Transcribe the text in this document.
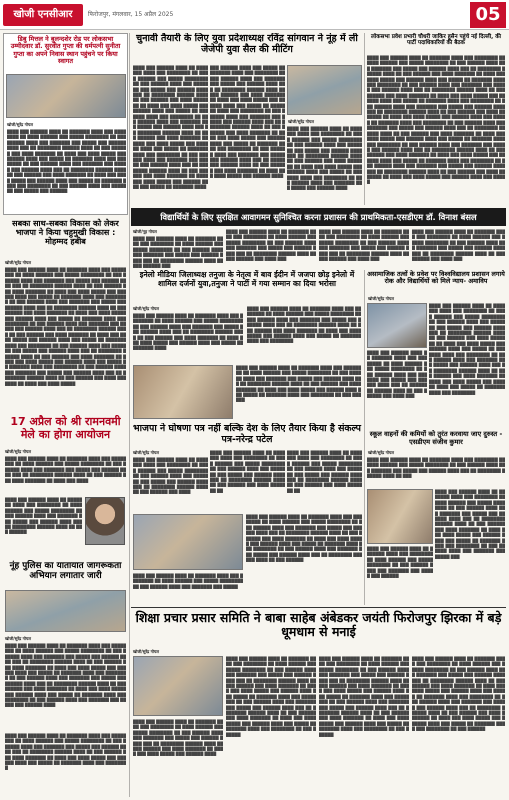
खोजी एनसीआर	फिरोजपुर, मंगलवार, 15 अप्रैल 2025	05
डिबु मित्तल ने बुलन्दशेर रोड पर लोकसभा उम्मीदवार डॉ. सुरवीत गुप्ता की धर्मपत्नी सुनीता गुप्ता का अपने निवास स्थान पहुंचने पर किया स्वागत
खोजी/सुरेंद्र गोयल
████ ███ ██████ ████ ██ ███████ ████ ███ ████████ ██ ████ ██████ ███ █████ ████████ ██ ███ ██████ ████ ███ ███████ ███ █████ ███ ██████ ████ ███ ██ ████████ ██████ ████ ██ ███ ██████ ███ ████ ███████ ██ ████ ███ ████ █████ ███ ██████ ████ ███ █████ ██ ███████ ████ ███ ████████ ██ ███ ██████ ████ ███ ███████ ███ █████ ███ ██████ ████ ███ ██ ████████ ██████ ████ ██ ███ ██████ ███ ████ ███████ ██ ████ ███ ████ █████ ███ ██████ ████ ███ █████ ██ ███████ ████ ███ ████████ ██ ███ ██████ ████ ███ ███████ ███ █████ ███ ██████
चुनावी तैयारी के लिए युवा प्रदेशाध्यक्ष रविंद्र सांगवान ने नूंह में ली जेजेपी युवा सैल की मीटिंग
████ ███ ██████ ████ ██ ███████ ████ ███ ████████ ██ ████ ██████ ███ █████ ████████ ██ ███ ██████ ████ ███ ███████ ███ █████ ███ ██████ ████ ███ ██ ████████ ██████ ████ ██ ███ ██████ ███ ████ ███████ ██ ████ ███ ████ █████ ███ ██████ ████ ███ █████ ██ ███████ ████ ███ ████████ ██ ███ ██████ ████ ███ ███████ ███ █████ ███ ██████ ████ ███ ██ ████████ ██████ ████ ██ ███ ██████ ███ ████ ███████ ██ ████ ███ ████ █████ ███ ██████ ████ ███ █████ ██ ███████ ████ ███ ████████ ██ ███ ██████ ████ ███ ███████ ███ █████ ███ ██████ ████ ███ ██ ████████ ██████ ████ ██ ███ ██████ ███ ████ ███████ ██ ████ ███ ████ █████ ███ ██████ ████ ███ █████ ██ ███████ ████
███ ██████ ████ ███ █████ ██ ███████ ████ ███ ████████ ██ ███ ██████ ████ ███ ███████ ███ █████ ███ ██████ ████ ███ ██ ████████ ██████ ████ ██ ███ ██████ ███ ████ ███████ ██ ████ ███ ████ █████ ███ ██████ ████ ███ █████ ██ ███████ ████ ███ ████████ ██ ███ ██████ ████ ███ ███████ ███ █████ ███ ██████ ████ ███ ██ ████████ ██████ ████ ██ ███ ██████ ███ ████ ███████ ██ ████ ███ ████ █████ ███ ██████ ████ ███ █████ ██ ███████ ████ ███ ████████ ██ ███ ██████ ████ ███ ███████ ███ █████ ███ ██████ ████ ███ ██ ████████ ██████ ████ ██ ███ ██████ ███ ████ ███████ ██ ████ ███ ████ █████ ███ ██████ ████
खोजी/सुरेंद्र गोयल
████ ███ ██████ ████ ██ ███████ ████ ███ ████████ ██ ████ ██████ ███ █████ ████████ ██ ███ ██████ ████ ███ ███████ ███ █████ ███ ██████ ████ ███ ██ ████████ ██████ ████ ██ ███ ██████ ███ ████ ███████ ██ ████ ███ ████ █████ ███ ██████ ████ ███ █████ ██ ███████ ████ ███ ████████ ██ ███ ██████ ████ ███ ███████ ███ █████ ███ ██████ ████
लोकसभा प्रवेश प्रभारी चौधरी जाकिर हुसैन पहुंचे नई दिल्ली, की पार्टी पदाधिकारियों की बैठक
████ ███ ██████ ████ ██ ███████ ████ ███ ████████ ██ ████ ██████ ███ █████ ████████ ██ ███ ██████ ████ ███ ███████ ███ █████ ███ ██████ ████ ███ ██ ████████ ██████ ████ ██ ███ ██████ ███ ████ ███████ ██ ████ ███ ████ █████ ███ ██████ ████ ███ █████ ██ ███████ ████ ███ ████████ ██ ███ ██████ ████ ███ ███████ ███ █████ ███ ██████ ████ ███ ██ ████████ ██████ ████ ██ ███ ██████ ███ ████ ███████ ██ ████ ███ ████ █████ ███ ██████ ████ ███ █████ ██ ███████ ████ ███ ████████ ██ ███ ██████ ████ ███ ███████ ███ █████ ███ ██████ ████ ███ ██ ████████ ██████ ████ ██ ███ ██████ ███ ████ ███████ ██ ████ ███ ████ █████ ███ ██████ ████ ███ █████ ██ ███████ ████ ███ ████████ ██ ███ ██████ ████ ███ ███████ ███ █████ ███ ██████ ████ ███ ██ ████████ ██████ ████ ██ ███ ██████ ███ ████ ███████ ██ ████ ███ ████ █████ ███ ██████ ████ ███ █████ ██ ███████ ████ ███ ████████ ██ ███ ██████ ████ ███ ███████ ███ █████ ███ ██████ ████ ███ ██ ████████ ██████ ████ ██ ███ ██████ ███ ████ ███████ ██ ████ ███ ████ █████ ███ ██████ ████ ███ █████ ██ ███████ ████ ███ ████████ ██ ███ ██████ ████ ███ ███████ ███ █████ ███ ██████ ████ ███ ██ ████████ ██████ ████ ██ ███ ██████ ███ ████ ███████ ██ ████ ███ ████ █████ ███ ██████ ████ ███ █████
विद्यार्थियों के लिए सुरक्षित आवागमन सुनिश्चित करना प्रशासन की प्राथमिकता-एसडीएम डॉ. विनाश बंसल
खोजी/नूह गोयल
████ ███ ██████ ████ ██ ███████ ████ ███ ████████ ██ ████ ██████ ███ █████ ████████ ██ ███ ██████ ████ ███ ███████ ███ █████ ███ ██████ ████ ███ ██ ████████ ██████ ████ ██ ███ ██████ ███
████ ███ ██████ ████ ██ ███████ ████ ███ ████████ ██ ████ ██████ ███ █████ ████████ ██ ███ ██████ ████ ███ ███████ ███ █████ ███ ██████ ████ ███ ██ ████████ ██████ ████ ██ ███ ██████ ███ ████ ███
████ ███ ██████ ████ ██ ███████ ████ ███ ████████ ██ ████ ██████ ███ █████ ████████ ██ ███ ██████ ████ ███ ███████ ███ █████ ███ ██████ ████ ███ ██ ████████ ██████ ████ ██ ███ ██████ ███ ████ ███
████ ███ ██████ ████ ██ ███████ ████ ███ ████████ ██ ████ ██████ ███ █████ ████████ ██ ███ ██████ ████ ███ ███████ ███ █████ ███ ██████ ████ ███ ██ ████████ ██████ ████ ██ ███ ██████ ███ ████ ███
सबका साथ-सबका विकास को लेकर भाजपा ने किया चहुमुखी विकास : मोहम्मद हबीब
खोजी/सुरेंद्र गोयल
████ ███ ██████ ████ ██ ███████ ████ ███ ████████ ██ ████ ██████ ███ █████ ████████ ██ ███ ██████ ████ ███ ███████ ███ █████ ███ ██████ ████ ███ ██ ████████ ██████ ████ ██ ███ ██████ ███ ████ ███████ ██ ████ ███ ████ █████ ███ ██████ ████ ███ █████ ██ ███████ ████ ███ ████████ ██ ███ ██████ ████ ███ ███████ ███ █████ ███ ██████ ████ ███ ██ ████████ ██████ ████ ██ ███ ██████ ███ ████ ███████ ██ ████ ███ ████ █████ ███ ██████ ████ ███ █████ ██ ███████ ████ ███ ████████ ██ ███ ██████ ████ ███ ███████ ███ █████ ███ ██████ ████ ███ ██ ████████ ██████ ████ ██ ███ ██████ ███ ████ ███████ ██ ████ ███ ████ █████ ███ ██████ ████ ███ █████ ██ ███████ ████ ███ ████████ ██ ███ ██████ ████ ███ ███████ ███ █████ ███ ██████ ████ ███ ██ ████████ ██████ ████ ██ ███ ██████ ███ ████ ███████ ██ ████ ███ ████ █████ ███ ██████ ████ ███ █████ ██ ███████ ████ ███ ████████ ██ ███ ██████ ████ ███ ███████ ███ █████ ███ ██████ ████ ███ ██ ████████ ██████ ████ ██ ███ ██████ ███ ████ ███████ ██ ████ ███ ████ █████
इनेलो मीडिया जिलाध्यक्ष तनुजा के नेतृत्व में बाव ईदीन में जजपा छोड़ इनेलो में शामिल दर्जनों युवा,तनुजा ने पार्टी में गया सम्मान का दिया भरोसा
खोजी/सुरेंद्र गोयल
████ ███ ██████ ████ ██ ███████ ████ ███ ████████ ██ ████ ██████ ███ █████ ████████ ██ ███ ██████ ████ ███ ███████ ███ █████ ███ ██████ ████ ███ ██ ████████ ██████ ████ ██ ███ ██████ ███ ████ ███████ ██ ████ ███ ████ █████ ███ ██████ ████ ███ █████ ██ ███████ ████
████ ███ ██████ ████ ██ ███████ ████ ███ ████████ ██ ████ ██████ ███ █████ ████████ ██ ███ ██████ ████ ███ ███████ ███ █████ ███ ██████ ████ ███ ██ ████████ ██████ ████ ██ ███ ██████ ███ ████ ███████ ██ ████ ███ ████ █████ ███ ██████ ████ ███ █████ ██ ███████ ████ ███ ████████
████ ███ ██████ ████ ██ ███████ ████ ███ ████████ ██ ████ ██████ ███ █████ ████████ ██ ███ ██████ ████ ███ ███████ ███ █████ ███ ██████ ████ ███ ██ ████████ ██████ ████ ██ ███ ██████ ███ ████ ███████ ██ ████ ███ ████ █████ ███ ██████ ████ ███ █████ ██ ███████ ████ ███ ████████ ██ ███ ██████
असामाजिक तत्वों के प्रवेश पर विश्वविद्यालय प्रशासन लगाये रोक और विद्यार्थियों को मिले न्याय- अमाविप
खोजी/सुरेंद्र गोयल
████ ███ ██████ ████ ██ ███████ ████ ███ ████████ ██ ████ ██████ ███ █████ ████████ ██ ███ ██████ ████ ███ ███████ ███ █████ ███ ██████ ████ ███ ██ ████████ ██████ ████ ██ ███ ██████ ███ ████ ███████ ██ ████ ███ ████ █████ ███ ██████ ████ ███ █████ ██ ███████ ████ ███ ████████ ██ ███ ██████ ████ ███ ███████ ███ █████ ███ ██████ ████ ███ ██ ████████ ██████ ████ ██ ███ ██████ ███ ████ ███████ ██ ████ ███ ████ █████ ███ ██████ ████ ███ █████ ██ ███████ ████ ███ ████████
████ ███ ██████ ████ ██ ███████ ████ ███ ████████ ██ ████ ██████ ███ █████ ████████ ██ ███ ██████ ████ ███ ███████ ███ █████ ███ ██████ ████ ███ ██ ████████ ██████ ████ ██ ███ ██████ ███ ████ ███
17 अप्रैल को श्री रामनवमी मेले का होगा आयोजन
खोजी/सुरेंद्र गोयल
████ ███ ██████ ████ ██ ███████ ████ ███ ████████ ██ ████ ██████ ███ █████ ████████ ██ ███ ██████ ████ ███ ███████ ███ █████ ███ ██████ ████ ███ ██ ████████ ██████ ████ ██ ███ ██████ ███ ████ ███████ ██ ████ ███ ████
████ ███ ██████ ████ ██ ███████ ████ ███ ████████ ██ ████ ██████ ███ █████ ████████ ██ ███ ██████ ████ ███ ███████ ███ █████ ███ ██████ ████ ███ ██ ████████ ██████ ████ ██ ███ ██████
भाजपा ने घोषणा पत्र नहीं बल्कि देश के लिए तैयार किया है संकल्प पत्र-नरेन्द्र पटेल
खोजी/सुरेंद्र गोयल
████ ███ ██████ ████ ██ ███████ ████ ███ ████████ ██ ████ ██████ ███ █████ ████████ ██ ███ ██████ ████ ███ ███████ ███ █████ ███ ██████ ████ ███ ██ ████████ ██████ ████ ██ ███ ██████ ███ ████
████ ███ ██████ ████ ██ ███████ ████ ███ ████████ ██ ████ ██████ ███ █████ ████████ ██ ███ ██████ ████ ███ ███████ ███ █████ ███ ██████ ████ ███ ██ ████████ ██████ ████ ██ ███ ██████ ███ ████ ███████ ██
████ ███ ██████ ████ ██ ███████ ████ ███ ████████ ██ ████ ██████ ███ █████ ████████ ██ ███ ██████ ████ ███ ███████ ███ █████ ███ ██████ ████ ███ ██ ████████ ██████ ████ ██ ███ ██████ ███ ████ ███████ ██
████ ███ ██████ ████ ██ ███████ ████ ███ ████████ ██ ████ ██████ ███ █████ ████████ ██ ███ ██████ ████ ███ ███████ ███ █████ ███ ██████ ████ ███ ██ ████████ ██████ ████ ██ ███ ██████ ███ ████ ███████ ██ ████ ███ ████ █████ ███ ██████ ████ ███ █████ ██ ███████ ████ ███ ████████ ██ ███ ██████ ████ ███ ███████ ███ █████ ███ ██████ ████ ███ ██ ████████ ██████ ████ ██ ███ ██████
████ ███ ██████ ████ ██ ███████ ████ ███ ████████ ██ ████ ██████ ███ █████ ████████ ██ ███ ██████ ████ ███ ███████ ███ █████
नूंह पुलिस का यातायात जागरूकता अभियान लगातार जारी
खोजी/सुरेंद्र गोयल
████ ███ ██████ ████ ██ ███████ ████ ███ ████████ ██ ████ ██████ ███ █████ ████████ ██ ███ ██████ ████ ███ ███████ ███ █████ ███ ██████ ████ ███ ██ ████████ ██████ ████ ██ ███ ██████ ███ ████ ███████ ██ ████ ███ ████ █████ ███ ██████ ████ ███ █████ ██ ███████ ████ ███ ████████ ██ ███ ██████ ████ ███ ███████ ███ █████ ███ ██████ ████ ███ ██ ████████ ██████ ████ ██ ███ ██████ ███ ████ ███████ ██ ████ ███ ████ █████ ███ ██████ ████ ███ █████ ██ ███████ ████ ███ ████████ ██ ███ ██████ ████ ███ ███████ ███ █████ ███ ██████ ████
स्कूल वाहनों की कमियों को तुरंत करवाया जाए दुरुस्त - एसडीएम संजीव कुमार
खोजी/सुरेंद्र गोयल
████ ███ ██████ ████ ██ ███████ ████ ███ ████████ ██ ████ ██████ ███ █████ ████████ ██ ███ ██████ ████ ███ ███████ ███ █████ ███ ██████ ████ ███ ██ ████████ ██████ ████ ██ ███
████ ███ ██████ ████ ██ ███████ ████ ███ ████████ ██ ████ ██████ ███ █████ ████████ ██ ███ ██████ ████ ███ ███████ ███ █████ ███ ██████ ████ ███ ██ ████████ ██████ ████ ██ ███ ██████ ███ ████ ███████ ██ ████ ███ ████ █████ ███ ██████ ████ ███ █████ ██ ███████ ████ ███ ████████ ██ ███ ██████ ████ ███ ███████ ███ █████ ███
████ ███ ██████ ████ ██ ███████ ████ ███ ████████ ██ ████ ██████ ███ █████ ████████ ██ ███ ██████ ████ ███ ███████ ███ █████ ███ ██████
शिक्षा प्रचार प्रसार समिति ने बाबा साहेब अंबेडकर जयंती फिरोजपुर झिरका में बड़े धूमधाम से मनाई
खोजी/सुरेंद्र गोयल
████ ███ ██████ ████ ██ ███████ ████ ███ ████████ ██ ████ ██████ ███ █████ ████████ ██ ███ ██████ ████ ███ ███████ ███ █████ ███ ██████ ████ ███ ██ ████████ ██████ ████ ██ ███ ██████ ███ ████ ███████ ██ ████ ███ ████ █████ ███ ██████ ████
████ ███ ██████ ████ ██ ███████ ████ ███ ████████ ██ ████ ██████ ███ █████ ████████ ██ ███ ██████ ████ ███ ███████ ███ █████ ███ ██████ ████ ███ ██ ████████ ██████ ████ ██ ███ ██████ ███ ████ ███████ ██ ████ ███ ████ █████ ███ ██████ ████ ███ █████ ██ ███████ ████ ███ ████████ ██ ███ ██████ ████ ███ ███████ ███ █████ ███ ██████ ████ ███ ██ ████████ ██████ ████ ██ ███ ██████ ███ ████ ███████ ██ ████ ███ ████ █████ ███ ██████ ████ ███ █████ ██ ███████ ████ ███ ████████ ██ ███ ██████
████ ███ ██████ ████ ██ ███████ ████ ███ ████████ ██ ████ ██████ ███ █████ ████████ ██ ███ ██████ ████ ███ ███████ ███ █████ ███ ██████ ████ ███ ██ ████████ ██████ ████ ██ ███ ██████ ███ ████ ███████ ██ ████ ███ ████ █████ ███ ██████ ████ ███ █████ ██ ███████ ████ ███ ████████ ██ ███ ██████ ████ ███ ███████ ███ █████ ███ ██████ ████ ███ ██ ████████ ██████ ████ ██ ███ ██████ ███ ████ ███████ ██ ████ ███ ████ █████ ███ ██████ ████ ███ █████ ██ ███████ ████ ███ ████████ ██ ███ ██████
████ ███ ██████ ████ ██ ███████ ████ ███ ████████ ██ ████ ██████ ███ █████ ████████ ██ ███ ██████ ████ ███ ███████ ███ █████ ███ ██████ ████ ███ ██ ████████ ██████ ████ ██ ███ ██████ ███ ████ ███████ ██ ████ ███ ████ █████ ███ ██████ ████ ███ █████ ██ ███████ ████ ███ ████████ ██ ███ ██████ ████ ███ ███████ ███ █████ ███ ██████ ████ ███ ██ ████████ ██████ ████ ██ ███ ██████ ███ ████ ███████ ██ ████ ███ ████ █████ ███ ██████ ████ ███ █████ ██ ███████ ████ ███ ████████ ██ ███ ██████
████ ███ ██████ ████ ██ ███████ ████ ███ ████████ ██ ████ ██████ ███ █████ ████████ ██ ███ ██████ ████ ███ ███████ ███ █████ ███ ██████ ████ ███ ██ ████████ ██████ ████ ██ ███ ██████ ███ ████ ███████ ██ ████ ███ ████ █████ ███ ██████ ████ ███ █████ ██ ███████ ████ ███ ████████
